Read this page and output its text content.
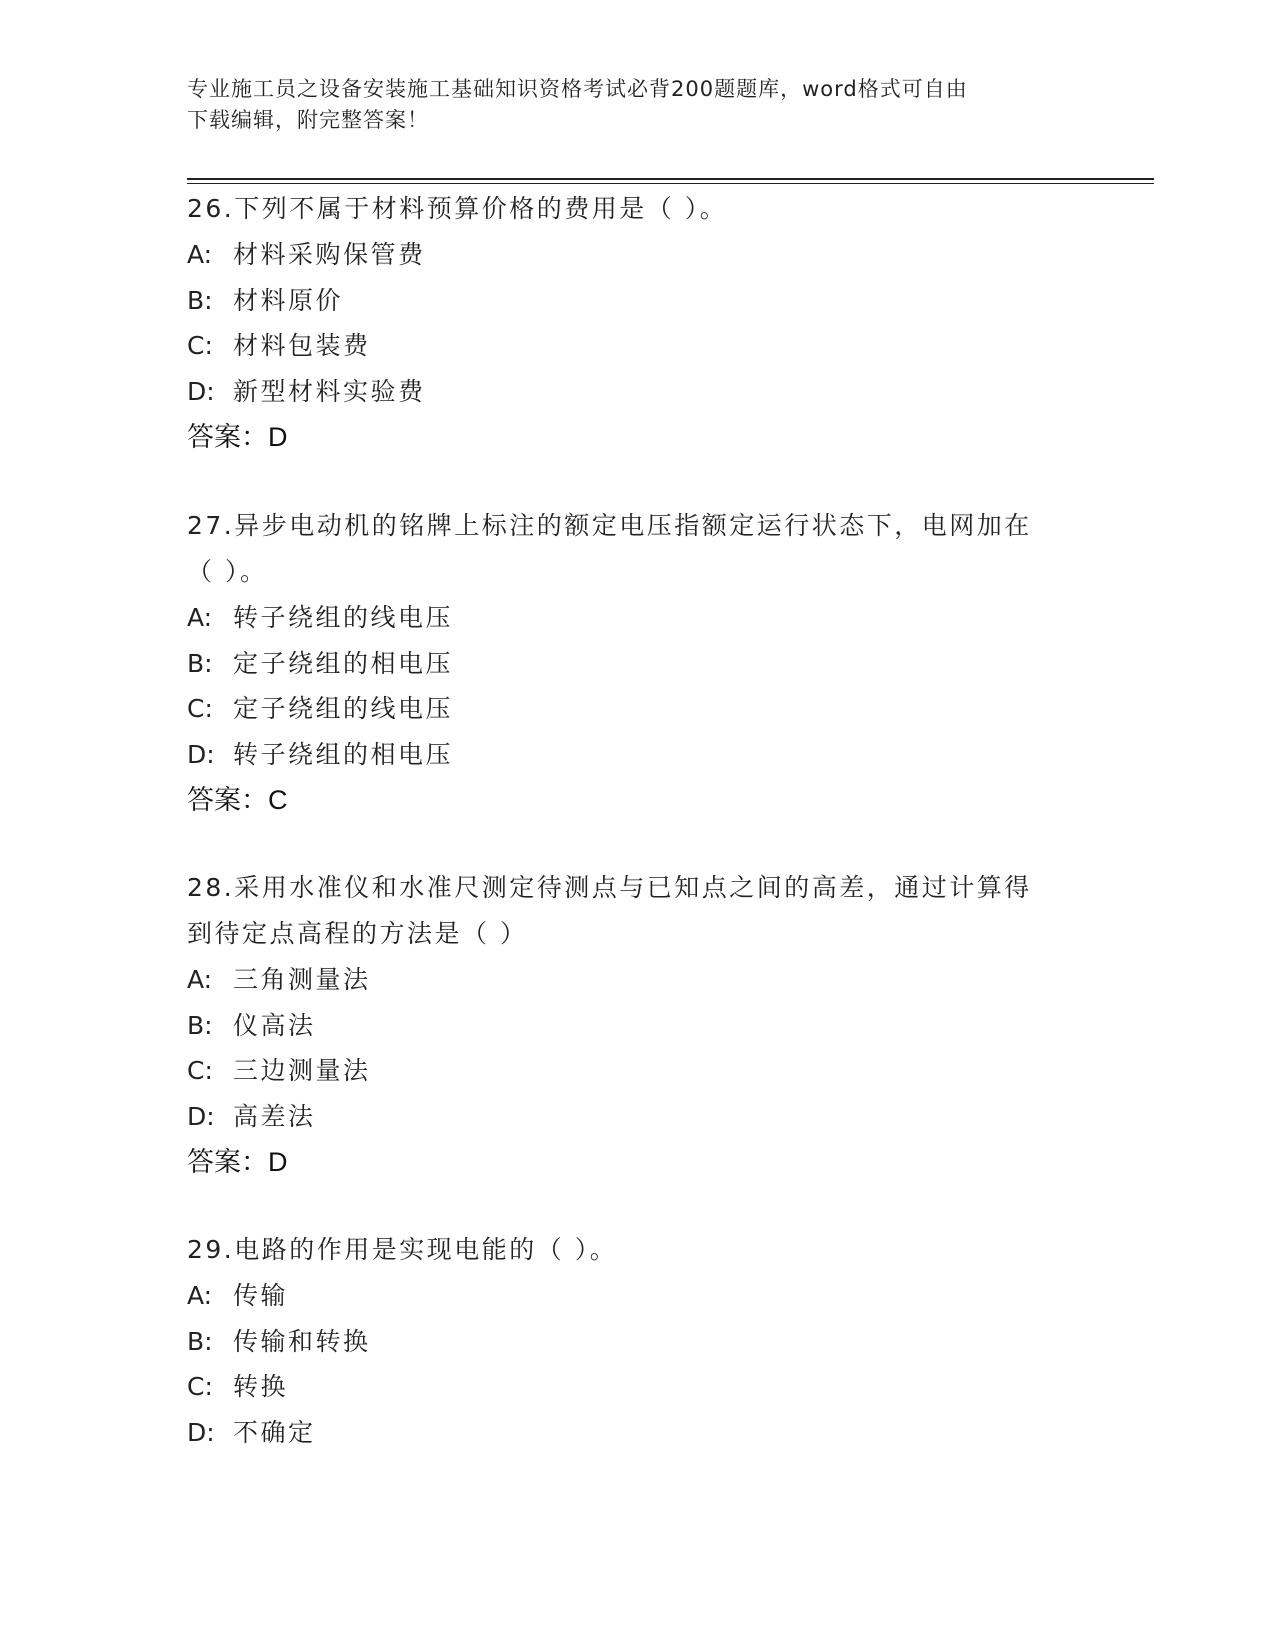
专业施工员之设备安装施工基础知识资格考试必背200题题库，word格式可自由
下载编辑，附完整答案！
26.下列不属于材料预算价格的费用是（ ）。
A: 材料采购保管费
B: 材料原价
C: 材料包装费
D: 新型材料实验费
答案：D
27.异步电动机的铭牌上标注的额定电压指额定运行状态下，电网加在
（ ）。
A: 转子绕组的线电压
B: 定子绕组的相电压
C: 定子绕组的线电压
D: 转子绕组的相电压
答案：C
28.采用水准仪和水准尺测定待测点与已知点之间的高差，通过计算得
到待定点高程的方法是（ ）
A: 三角测量法
B: 仪高法
C: 三边测量法
D: 高差法
答案：D
29.电路的作用是实现电能的（ ）。
A: 传输
B: 传输和转换
C: 转换
D: 不确定
